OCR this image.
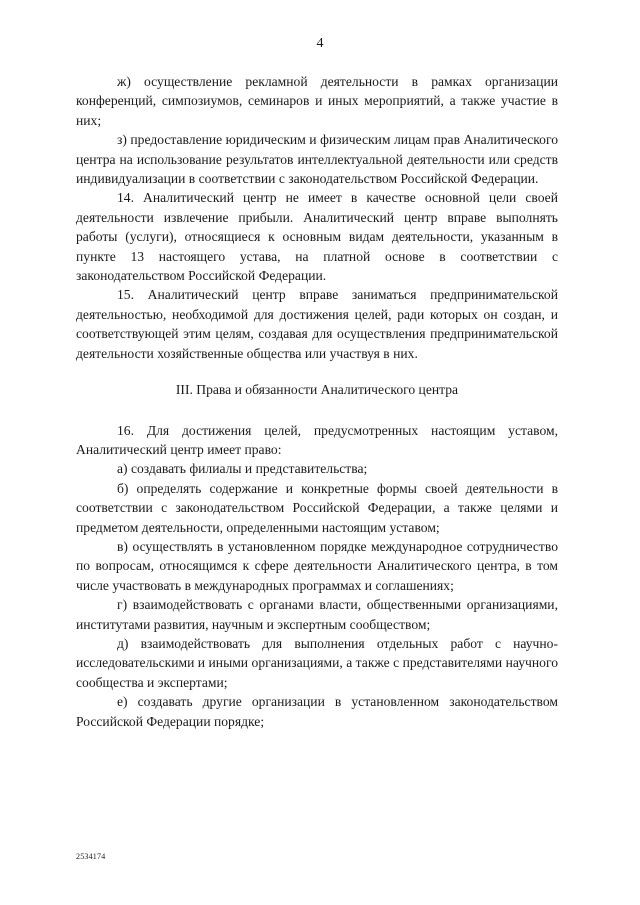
4

ж) осуществление рекламной деятельности в рамках организации конференций, симпозиумов, семинаров и иных мероприятий, а также участие в них;

з) предоставление юридическим и физическим лицам прав Аналитического центра на использование результатов интеллектуальной деятельности или средств индивидуализации в соответствии с законодательством Российской Федерации.

14. Аналитический центр не имеет в качестве основной цели своей деятельности извлечение прибыли. Аналитический центр вправе выполнять работы (услуги), относящиеся к основным видам деятельности, указанным в пункте 13 настоящего устава, на платной основе в соответствии с законодательством Российской Федерации.

15. Аналитический центр вправе заниматься предпринимательской деятельностью, необходимой для достижения целей, ради которых он создан, и соответствующей этим целям, создавая для осуществления предпринимательской деятельности хозяйственные общества или участвуя в них.

III. Права и обязанности Аналитического центра

16. Для достижения целей, предусмотренных настоящим уставом, Аналитический центр имеет право:

а) создавать филиалы и представительства;

б) определять содержание и конкретные формы своей деятельности в соответствии с законодательством Российской Федерации, а также целями и предметом деятельности, определенными настоящим уставом;

в) осуществлять в установленном порядке международное сотрудничество по вопросам, относящимся к сфере деятельности Аналитического центра, в том числе участвовать в международных программах и соглашениях;

г) взаимодействовать с органами власти, общественными организациями, институтами развития, научным и экспертным сообществом;

д) взаимодействовать для выполнения отдельных работ с научно-исследовательскими и иными организациями, а также с представителями научного сообщества и экспертами;

е) создавать другие организации в установленном законодательством Российской Федерации порядке;

2534174
